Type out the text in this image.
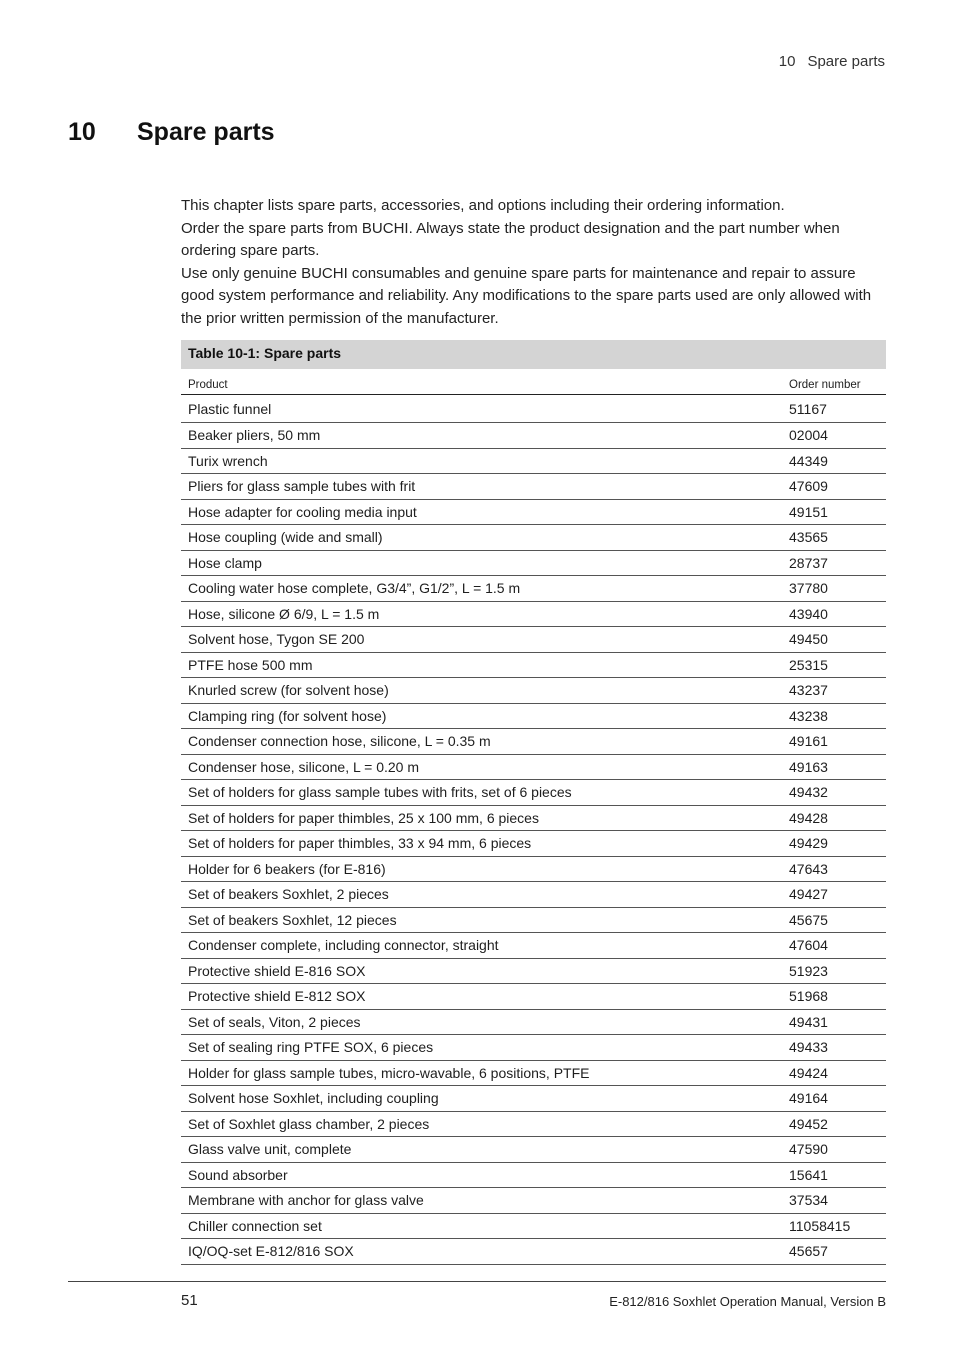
10 Spare parts
10 Spare parts

This chapter lists spare parts, accessories, and options including their ordering information.

Order the spare parts from BUCHI. Always state the product designation and the part number when ordering spare parts.

Use only genuine BUCHI consumables and genuine spare parts for maintenance and repair to assure good system performance and reliability. Any modifications to the spare parts used are only allowed with the prior written permission of the manufacturer.

Table 10-1: Spare parts
Product	Order number
Plastic funnel	51167
Beaker pliers, 50 mm	02004
Turix wrench	44349
Pliers for glass sample tubes with frit	47609
Hose adapter for cooling media input	49151
Hose coupling (wide and small)	43565
Hose clamp	28737
Cooling water hose complete, G3/4”, G1/2”, L = 1.5 m	37780
Hose, silicone Ø 6/9, L = 1.5 m	43940
Solvent hose, Tygon SE 200	49450
PTFE hose 500 mm	25315
Knurled screw (for solvent hose)	43237
Clamping ring (for solvent hose)	43238
Condenser connection hose, silicone, L = 0.35 m	49161
Condenser hose, silicone, L = 0.20 m	49163
Set of holders for glass sample tubes with frits, set of 6 pieces	49432
Set of holders for paper thimbles, 25 x 100 mm, 6 pieces	49428
Set of holders for paper thimbles, 33 x 94 mm, 6 pieces	49429
Holder for 6 beakers (for E-816)	47643
Set of beakers Soxhlet, 2 pieces	49427
Set of beakers Soxhlet, 12 pieces	45675
Condenser complete, including connector, straight	47604
Protective shield E-816 SOX	51923
Protective shield E-812 SOX	51968
Set of seals, Viton, 2 pieces	49431
Set of sealing ring PTFE SOX, 6 pieces	49433
Holder for glass sample tubes, micro-wavable, 6 positions, PTFE	49424
Solvent hose Soxhlet, including coupling	49164
Set of Soxhlet glass chamber, 2 pieces	49452
Glass valve unit, complete	47590
Sound absorber	15641
Membrane with anchor for glass valve	37534
Chiller connection set	11058415
IQ/OQ-set E-812/816 SOX	45657
51	E-812/816 Soxhlet Operation Manual, Version B
